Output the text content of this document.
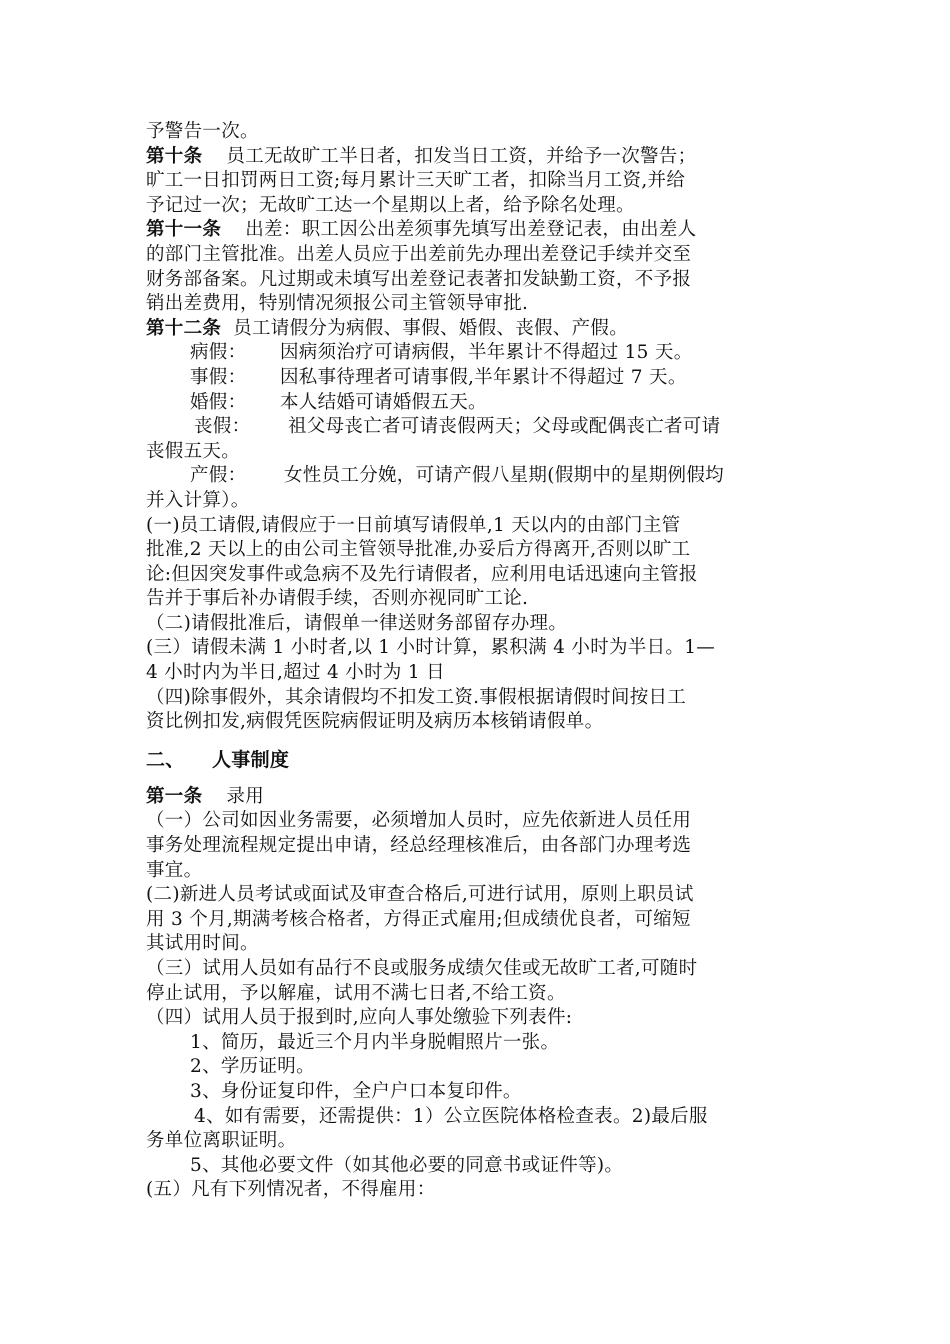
予警告一次。
第十条 员工无故旷工半日者，扣发当日工资，并给予一次警告；
旷工一日扣罚两日工资;每月累计三天旷工者，扣除当月工资,并给
予记过一次；无故旷工达一个星期以上者，给予除名处理。
第十一条 出差：职工因公出差须事先填写出差登记表，由出差人
的部门主管批准。出差人员应于出差前先办理出差登记手续并交至
财务部备案。凡过期或未填写出差登记表著扣发缺勤工资，不予报
销出差费用，特别情况须报公司主管领导审批.
第十二条 员工请假分为病假、事假、婚假、丧假、产假。
病假： 因病须治疗可请病假，半年累计不得超过 15 天。
事假： 因私事待理者可请事假,半年累计不得超过 7 天。
婚假： 本人结婚可请婚假五天。
丧假： 祖父母丧亡者可请丧假两天；父母或配偶丧亡者可请
丧假五天。
产假： 女性员工分娩，可请产假八星期(假期中的星期例假均
并入计算）。
(一)员工请假,请假应于一日前填写请假单,1 天以内的由部门主管
批准,2 天以上的由公司主管领导批准,办妥后方得离开,否则以旷工
论:但因突发事件或急病不及先行请假者，应利用电话迅速向主管报
告并于事后补办请假手续，否则亦视同旷工论.
（二)请假批准后，请假单一律送财务部留存办理。
(三）请假未满 1 小时者,以 1 小时计算，累积满 4 小时为半日。1—
4 小时内为半日,超过 4 小时为 1 日
（四)除事假外，其余请假均不扣发工资.事假根据请假时间按日工
资比例扣发,病假凭医院病假证明及病历本核销请假单。
二、 人事制度
第一条 录用
（一）公司如因业务需要，必须增加人员时，应先依新进人员任用
事务处理流程规定提出申请，经总经理核准后，由各部门办理考选
事宜。
(二)新进人员考试或面试及审查合格后,可进行试用，原则上职员试
用 3 个月,期满考核合格者，方得正式雇用;但成绩优良者，可缩短
其试用时间。
（三）试用人员如有品行不良或服务成绩欠佳或无故旷工者,可随时
停止试用，予以解雇，试用不满七日者,不给工资。
（四）试用人员于报到时,应向人事处缴验下列表件:
1、简历，最近三个月内半身脱帽照片一张。
2、学历证明。
3、身份证复印件，全户户口本复印件。
4、如有需要，还需提供：1）公立医院体格检查表。2)最后服
务单位离职证明。
5、其他必要文件（如其他必要的同意书或证件等)。
(五）凡有下列情况者，不得雇用：
